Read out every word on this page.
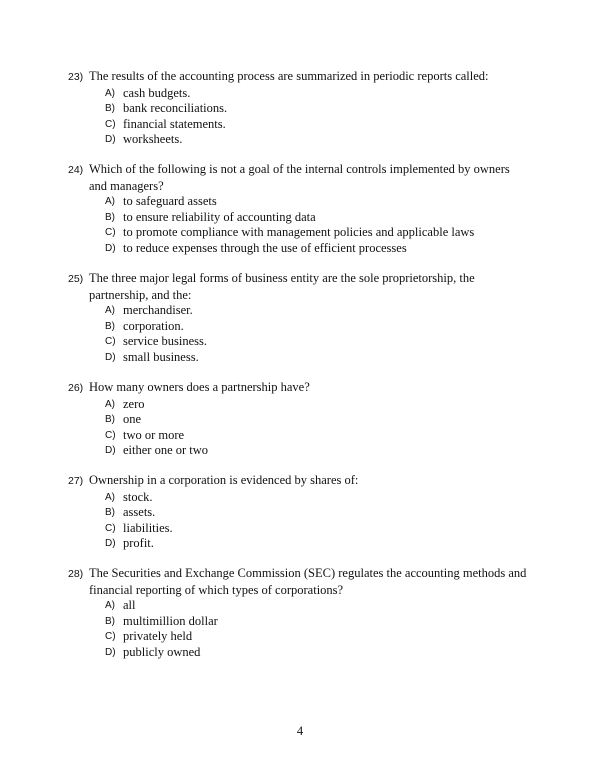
23) The results of the accounting process are summarized in periodic reports called:
A) cash budgets.
B) bank reconciliations.
C) financial statements.
D) worksheets.
24) Which of the following is not a goal of the internal controls implemented by owners and managers?
A) to safeguard assets
B) to ensure reliability of accounting data
C) to promote compliance with management policies and applicable laws
D) to reduce expenses through the use of efficient processes
25) The three major legal forms of business entity are the sole proprietorship, the partnership, and the:
A) merchandiser.
B) corporation.
C) service business.
D) small business.
26) How many owners does a partnership have?
A) zero
B) one
C) two or more
D) either one or two
27) Ownership in a corporation is evidenced by shares of:
A) stock.
B) assets.
C) liabilities.
D) profit.
28) The Securities and Exchange Commission (SEC) regulates the accounting methods and financial reporting of which types of corporations?
A) all
B) multimillion dollar
C) privately held
D) publicly owned
4
